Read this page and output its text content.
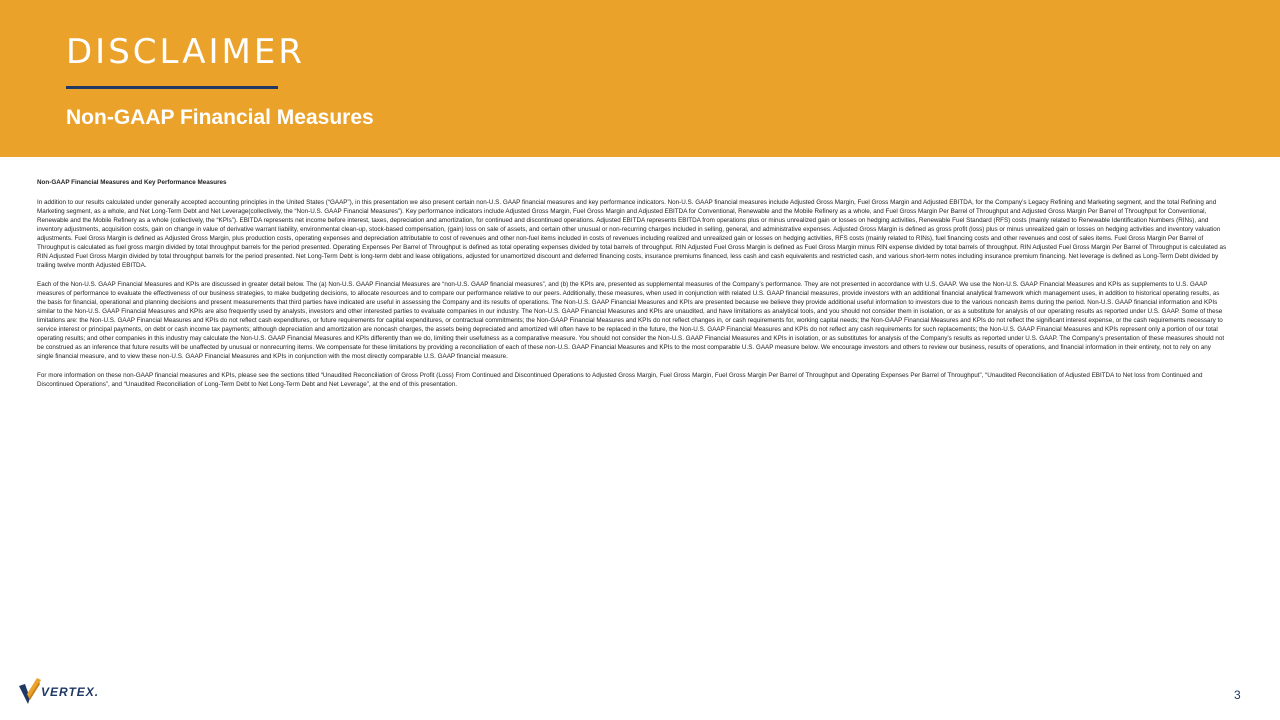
DISCLAIMER
Non-GAAP Financial Measures
Non-GAAP Financial Measures and Key Performance Measures

In addition to our results calculated under generally accepted accounting principles in the United States (“GAAP”), in this presentation we also present certain non-U.S. GAAP financial measures and key performance indicators. Non-U.S. GAAP financial measures include Adjusted Gross Margin, Fuel Gross Margin and Adjusted EBITDA, for the Company’s Legacy Refining and Marketing segment, and the total Refining and Marketing segment, as a whole, and Net Long-Term Debt and Net Leverage(collectively, the “Non-U.S. GAAP Financial Measures”). Key performance indicators include Adjusted Gross Margin, Fuel Gross Margin and Adjusted EBITDA for Conventional, Renewable and the Mobile Refinery as a whole, and Fuel Gross Margin Per Barrel of Throughput and Adjusted Gross Margin Per Barrel of Throughput for Conventional, Renewable and the Mobile Refinery as a whole (collectively, the “KPIs”). EBITDA represents net income before interest, taxes, depreciation and amortization, for continued and discontinued operations. Adjusted EBITDA represents EBITDA from operations plus or minus unrealized gain or losses on hedging activities, Renewable Fuel Standard (RFS) costs (mainly related to Renewable Identification Numbers (RINs), and inventory adjustments, acquisition costs, gain on change in value of derivative warrant liability, environmental clean-up, stock-based compensation, (gain) loss on sale of assets, and certain other unusual or non-recurring charges included in selling, general, and administrative expenses. Adjusted Gross Margin is defined as gross profit (loss) plus or minus unrealized gain or losses on hedging activities and inventory valuation adjustments. Fuel Gross Margin is defined as Adjusted Gross Margin, plus production costs, operating expenses and depreciation attributable to cost of revenues and other non-fuel items included in costs of revenues including realized and unrealized gain or losses on hedging activities, RFS costs (mainly related to RINs), fuel financing costs and other revenues and cost of sales items. Fuel Gross Margin Per Barrel of Throughput is calculated as fuel gross margin divided by total throughput barrels for the period presented. Operating Expenses Per Barrel of Throughput is defined as total operating expenses divided by total barrels of throughput. RIN Adjusted Fuel Gross Margin is defined as Fuel Gross Margin minus RIN expense divided by total barrels of throughput. RIN Adjusted Fuel Gross Margin Per Barrel of Throughput is calculated as RIN Adjusted Fuel Gross Margin divided by total throughput barrels for the period presented. Net Long-Term Debt is long-term debt and lease obligations, adjusted for unamortized discount and deferred financing costs, insurance premiums financed, less cash and cash equivalents and restricted cash, and various short-term notes including insurance premium financing. Net leverage is defined as Long-Term Debt divided by trailing twelve month Adjusted EBITDA.

Each of the Non-U.S. GAAP Financial Measures and KPIs are discussed in greater detail below. The (a) Non-U.S. GAAP Financial Measures are “non-U.S. GAAP financial measures”, and (b) the KPIs are, presented as supplemental measures of the Company’s performance. They are not presented in accordance with U.S. GAAP. We use the Non-U.S. GAAP Financial Measures and KPIs as supplements to U.S. GAAP measures of performance to evaluate the effectiveness of our business strategies, to make budgeting decisions, to allocate resources and to compare our performance relative to our peers. Additionally, these measures, when used in conjunction with related U.S. GAAP financial measures, provide investors with an additional financial analytical framework which management uses, in addition to historical operating results, as the basis for financial, operational and planning decisions and present measurements that third parties have indicated are useful in assessing the Company and its results of operations. The Non-U.S. GAAP Financial Measures and KPIs are presented because we believe they provide additional useful information to investors due to the various noncash items during the period. Non-U.S. GAAP financial information and KPIs similar to the Non-U.S. GAAP Financial Measures and KPIs are also frequently used by analysts, investors and other interested parties to evaluate companies in our industry. The Non-U.S. GAAP Financial Measures and KPIs are unaudited, and have limitations as analytical tools, and you should not consider them in isolation, or as a substitute for analysis of our operating results as reported under U.S. GAAP. Some of these limitations are: the Non-U.S. GAAP Financial Measures and KPIs do not reflect cash expenditures, or future requirements for capital expenditures, or contractual commitments; the Non-GAAP Financial Measures and KPIs do not reflect changes in, or cash requirements for, working capital needs; the Non-GAAP Financial Measures and KPIs do not reflect the significant interest expense, or the cash requirements necessary to service interest or principal payments, on debt or cash income tax payments; although depreciation and amortization are noncash charges, the assets being depreciated and amortized will often have to be replaced in the future, the Non-U.S. GAAP Financial Measures and KPIs do not reflect any cash requirements for such replacements; the Non-U.S. GAAP Financial Measures and KPIs represent only a portion of our total operating results; and other companies in this industry may calculate the Non-U.S. GAAP Financial Measures and KPIs differently than we do, limiting their usefulness as a comparative measure. You should not consider the Non-U.S. GAAP Financial Measures and KPIs in isolation, or as substitutes for analysis of the Company’s results as reported under U.S. GAAP. The Company’s presentation of these measures should not be construed as an inference that future results will be unaffected by unusual or nonrecurring items. We compensate for these limitations by providing a reconciliation of each of these non-U.S. GAAP Financial Measures and KPIs to the most comparable U.S. GAAP measure below. We encourage investors and others to review our business, results of operations, and financial information in their entirety, not to rely on any single financial measure, and to view these non-U.S. GAAP Financial Measures and KPIs in conjunction with the most directly comparable U.S. GAAP financial measure.

For more information on these non-GAAP financial measures and KPIs, please see the sections titled “Unaudited Reconciliation of Gross Profit (Loss) From Continued and Discontinued Operations to Adjusted Gross Margin, Fuel Gross Margin, Fuel Gross Margin Per Barrel of Throughput and Operating Expenses Per Barrel of Throughput”, “Unaudited Reconciliation of Adjusted EBITDA to Net loss from Continued and Discontinued Operations”, and “Unaudited Reconciliation of Long-Term Debt to Net Long-Term Debt and Net Leverage”, at the end of this presentation.

VERTEX.	3
